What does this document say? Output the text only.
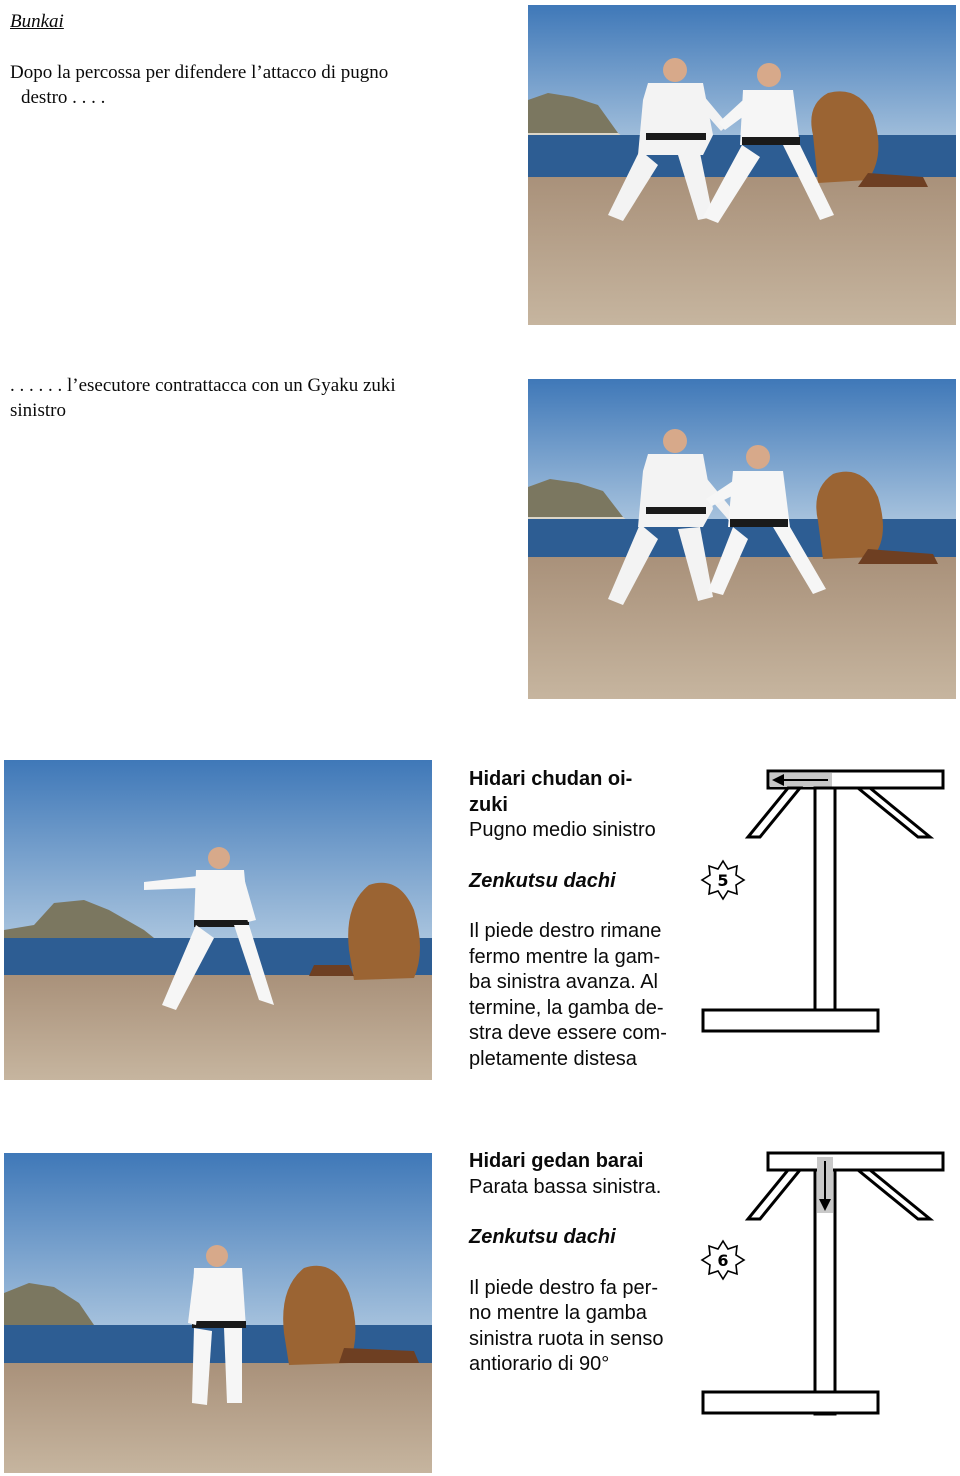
Bunkai
Dopo la percossa per difendere l’attacco di pugno
destro . . . .
. . . . . . l’esecutore contrattacca con un Gyaku zuki
sinistro
Hidari chudan oi-
zuki
Pugno medio sinistro
Zenkutsu dachi
Il piede destro rimane
fermo mentre la gam-
ba sinistra avanza. Al
termine, la gamba de-
stra deve essere com-
pletamente distesa
Hidari gedan barai
Parata bassa sinistra.
Zenkutsu dachi
Il piede destro fa per-
no mentre la gamba
sinistra ruota in senso
antiorario di 90°
5
6
